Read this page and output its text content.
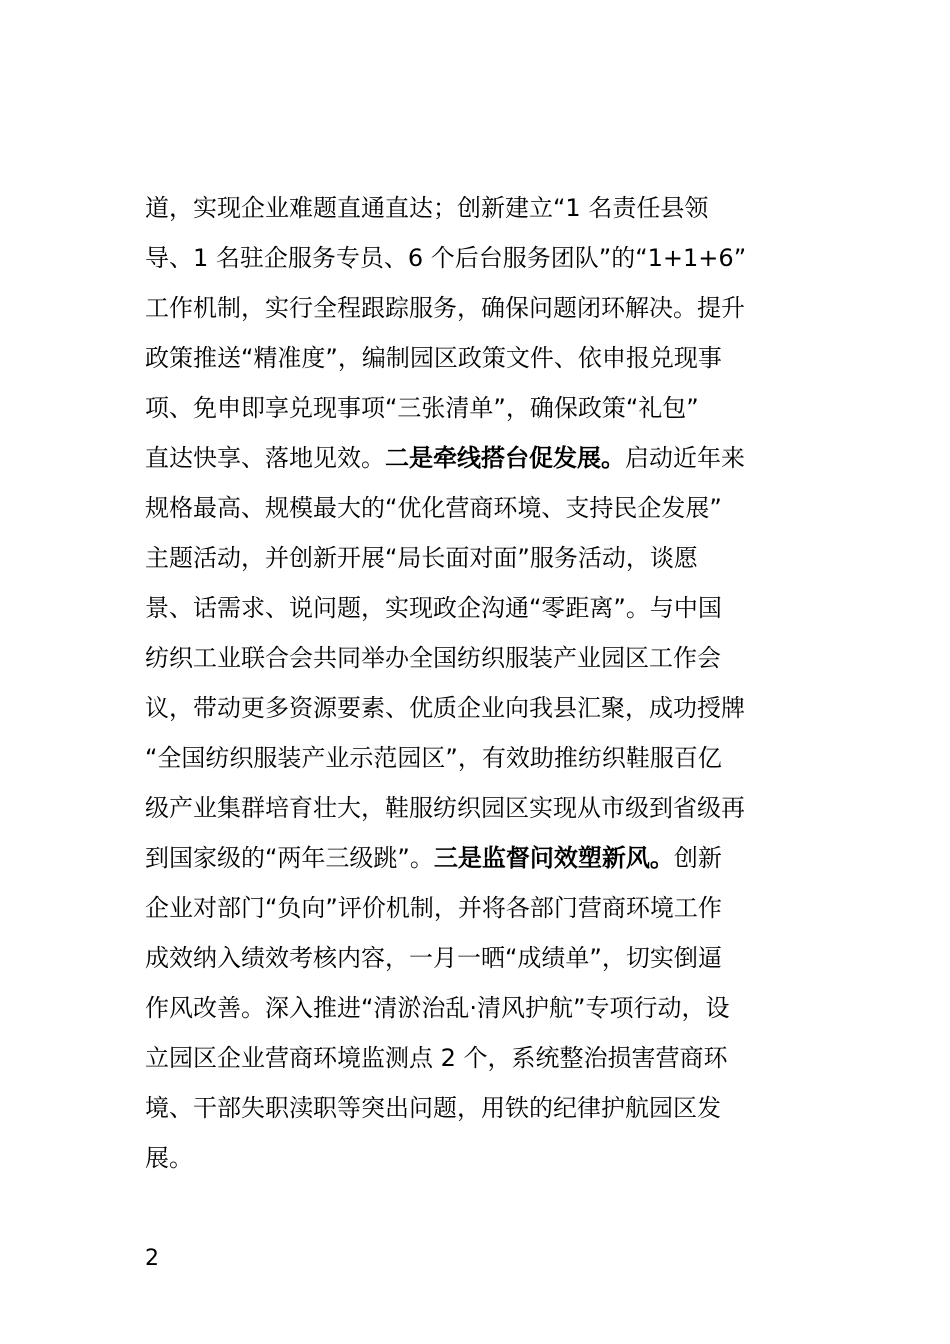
道，实现企业难题直通直达；创新建立“1 名责任县领
导、1 名驻企服务专员、6 个后台服务团队”的“1+1+6”
工作机制，实行全程跟踪服务，确保问题闭环解决。提升
政策推送“精准度”，编制园区政策文件、依申报兑现事
项、免申即享兑现事项“三张清单”，确保政策“礼包”
直达快享、落地见效。二是牵线搭台促发展。启动近年来
规格最高、规模最大的“优化营商环境、支持民企发展”
主题活动，并创新开展“局长面对面”服务活动，谈愿
景、话需求、说问题，实现政企沟通“零距离”。与中国
纺织工业联合会共同举办全国纺织服装产业园区工作会
议，带动更多资源要素、优质企业向我县汇聚，成功授牌
“全国纺织服装产业示范园区”，有效助推纺织鞋服百亿
级产业集群培育壮大，鞋服纺织园区实现从市级到省级再
到国家级的“两年三级跳”。三是监督问效塑新风。创新
企业对部门“负向”评价机制，并将各部门营商环境工作
成效纳入绩效考核内容，一月一晒“成绩单”，切实倒逼
作风改善。深入推进“清淤治乱·清风护航”专项行动，设
立园区企业营商环境监测点 2 个，系统整治损害营商环
境、干部失职渎职等突出问题，用铁的纪律护航园区发
展。
2
